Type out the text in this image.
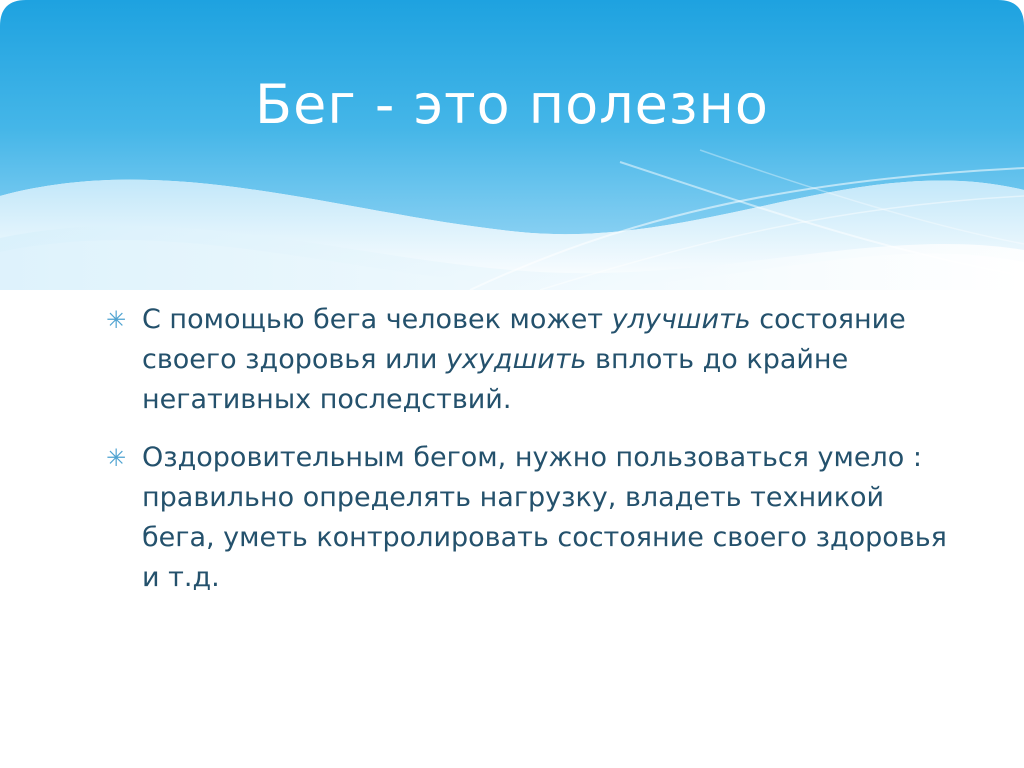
Бег - это полезно
✳ С помощью бега человек может улучшить состояние своего здоровья или ухудшить вплоть до крайне негативных последствий.
✳ Оздоровительным бегом, нужно пользоваться умело : правильно определять нагрузку, владеть техникой бега, уметь контролировать состояние своего здоровья и т.д.
